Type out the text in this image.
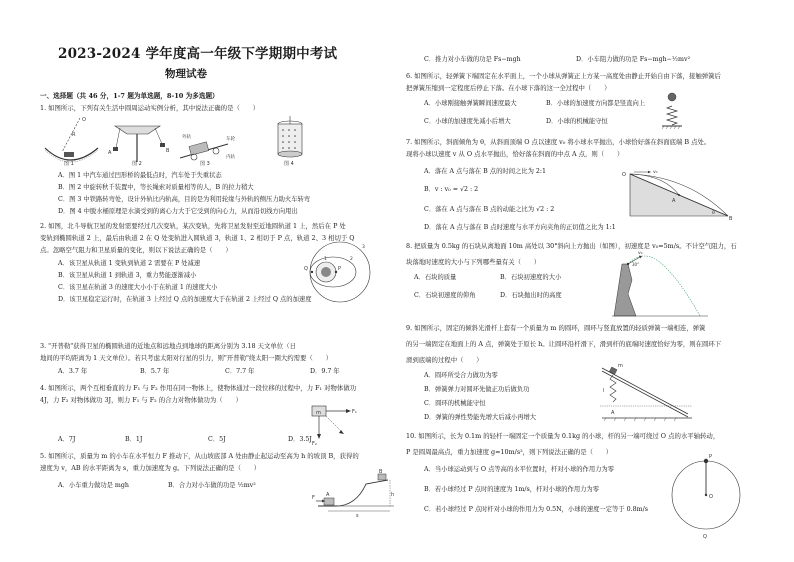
2023-2024 学年度高一年级下学期期中考试
物理试卷
一、选择题（共 46 分，1-7 题为单选题，8-10 为多选题）
1. 如图所示，下列有关生活中圆周运动实例分析，其中说法正确的是（　　）
O
R
A	B
外轨	车轮
内轨
图 1	图 2	图 3	图 4
A．图 1 中汽车通过凹形桥的最低点时，汽车处于失重状态
B．图 2 中旋转秋千装置中，等长绳索对质量相等的人，B 的拉力稍大
C．图 3 中铁路转弯处，设计外轨比内轨高，目的是为利用轮缘与外轨的侧压力助火车转弯
D．图 4 中脱水桶原理是水滴受到的离心力大于它受到的向心力，从而沿切线方向甩出
2. 如图，北斗导航卫星的发射需要经过几次变轨，某次变轨，先将卫星发射至近地圆轨道 1 上，然后在 P 处
变轨到椭圆轨道 2 上，最后由轨道 2 在 Q 处变轨进入圆轨道 3，轨道 1、2 相切于 P 点，轨道 2、3 相切于 Q
点。忽略空气阻力和卫星质量的变化，则以下说法正确的是（　　）
A．该卫星从轨道 1 变轨到轨道 2 需要在 P 处减速
B．该卫星从轨道 1 到轨道 3，重力势能逐渐减小
C．该卫星在轨道 3 的速度大小小于在轨道 1 的速度大小
D．该卫星稳定运行时，在轨道 3 上经过 Q 点的加速度大于在轨道 2 上经过 Q 点的加速度
P
Q
1	2
3
3. "开普勒"获得卫星的椭圆轨道的近地点和远地点到地球的距离分别为 3.18 天文单位（日
地间的平均距离为 1 天文单位）。若只考虑太阳对行星的引力，则"开普勒"绕太阳一圈大约需要（　　）
A．3.7 年	B．5.7 年	C．7.7 年	D．9.7 年
4. 如图所示，两个互相垂直的力 F₁ 与 F₂ 作用在同一物体上，使物体通过一段位移的过程中，力 F₁ 对物体做功
4J，力 F₂ 对物体做功 3J，则力 F₁ 与 F₂ 的合力对物体做功为（　　）
m	F₁
F₂
A．7J	B．1J	C．5J	D．3.5J
5. 如图所示，质量为 m 的小车在水平恒力 F 推动下，从山坡底部 A 处由静止起运动至高为 h 的坡顶 B，获得的
速度为 v，AB 的水平距离为 s，重力加速度为 g。下列说法正确的是（　　）
A．小车重力做功是 mgh	B．合力对小车做的功是 ½mv²
B
A	h
F
s
C．推力对小车做的功是 Fs−mgh	D．小车阻力做的功是 Fs−mgh−½mv²
6. 如图所示，轻弹簧下端固定在水平面上，一个小球从弹簧正上方某一高度处由静止开始自由下落，接触弹簧后
把弹簧压缩到一定程度后停止下落。在小球下落的这一全过程中（　　）
A．小球刚接触弹簧瞬间速度最大	B．小球的加速度方向都是竖直向上
C．小球的加速度先减小后增大	D．小球的机械能守恒
7. 如图所示，斜面倾角为 θ，从斜面顶端 O 点以速度 v₀ 将小球水平抛出，小球恰好落在斜面底端 B 点处。
现将小球以速度 v 从 O 点水平抛出，恰好落在斜面的中点 A 点，则（　　）
A．落在 A 点与落在 B 点的时间之比为 2:1
B．v : v₀ = √2 : 2
C．落在 A 点与落在 B 点的动能之比为 √2 : 2
D．落在 A 点与落在 B 点时速度与水平方向夹角的正切值之比为 1:1
O	v₀
A
θ
B
8. 把质量为 0.5kg 的石块从离地面 10m 高处以 30°斜向上方抛出（如图），初速度是 v₀=5m/s。不计空气阻力，石
块落地时速度的大小与下列哪些量有关（　　）
A．石块的质量	B．石块初速度的大小
C．石块初速度的仰角	D．石块抛出时的高度
v₀
30°
9. 如图所示，固定的倾斜光滑杆上套有一个质量为 m 的圆环，圆环与竖直放置的轻质弹簧一端相连，弹簧
的另一端固定在地面上的 A 点，弹簧处于原长 h。让圆环沿杆滑下，滑到杆的底端时速度恰好为零，则在圆环下
滑到底端的过程中（　　）
A．圆环所受合力做功为零
B．弹簧弹力对圆环先做正功后做负功
C．圆环的机械能守恒
D．弹簧的弹性势能先增大后减小再增大
m
l
A
10. 如图所示，长为 0.1m 的轻杆一端固定一个质量为 0.1kg 的小球，杆的另一端可绕过 O 点的水平轴转动，
P 是圆周最高点，重力加速度 g=10m/s²，则下列说法正确的是（　　）
A．当小球运动到与 O 点等高的水平位置时，杆对小球的作用力为零
B．若小球经过 P 点时的速度为 1m/s，杆对小球的作用力为零
C．若小球经过 P 点时杆对小球的作用力为 0.5N，小球的速度一定等于 0.8m/s
P
O
Q
